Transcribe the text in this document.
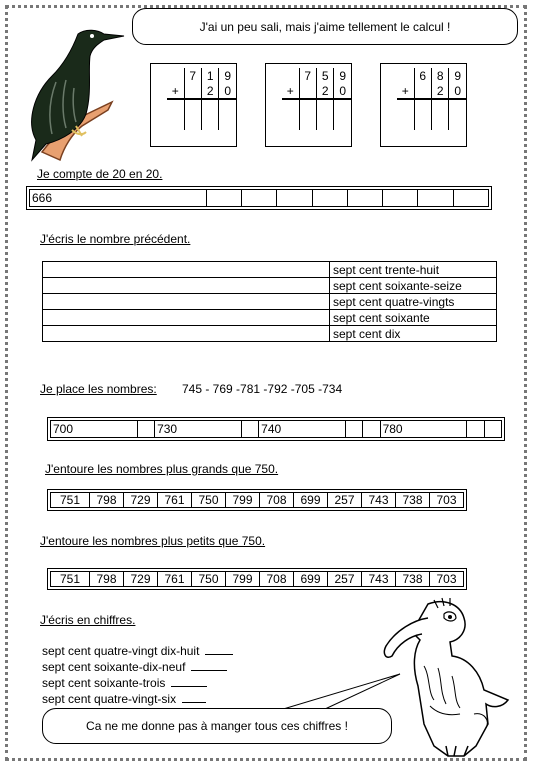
J'ai un peu sali, mais j'aime tellement le calcul !
	7	1	9
+		2	0

	7	5	9
+		2	0

	6	8	9
+		2	0

Je compte de 20 en 20.
666								
J'écris le nombre précédent.
	sept cent trente-huit
	sept cent soixante-seize
	sept cent quatre-vingts
	sept cent soixante
	sept cent dix
Je place les nombres: 745 - 769 -781 -792 -705 -734
700		730		740			780		
J'entoure les nombres plus grands que 750.
751	798	729	761	750	799	708	699	257	743	738	703
J'entoure les nombres plus petits que 750.
751	798	729	761	750	799	708	699	257	743	738	703
J'écris en chiffres.
sept cent quatre-vingt dix-huit
sept cent soixante-dix-neuf
sept cent soixante-trois
sept cent quatre-vingt-six
Ca ne me donne pas à manger tous ces chiffres !
